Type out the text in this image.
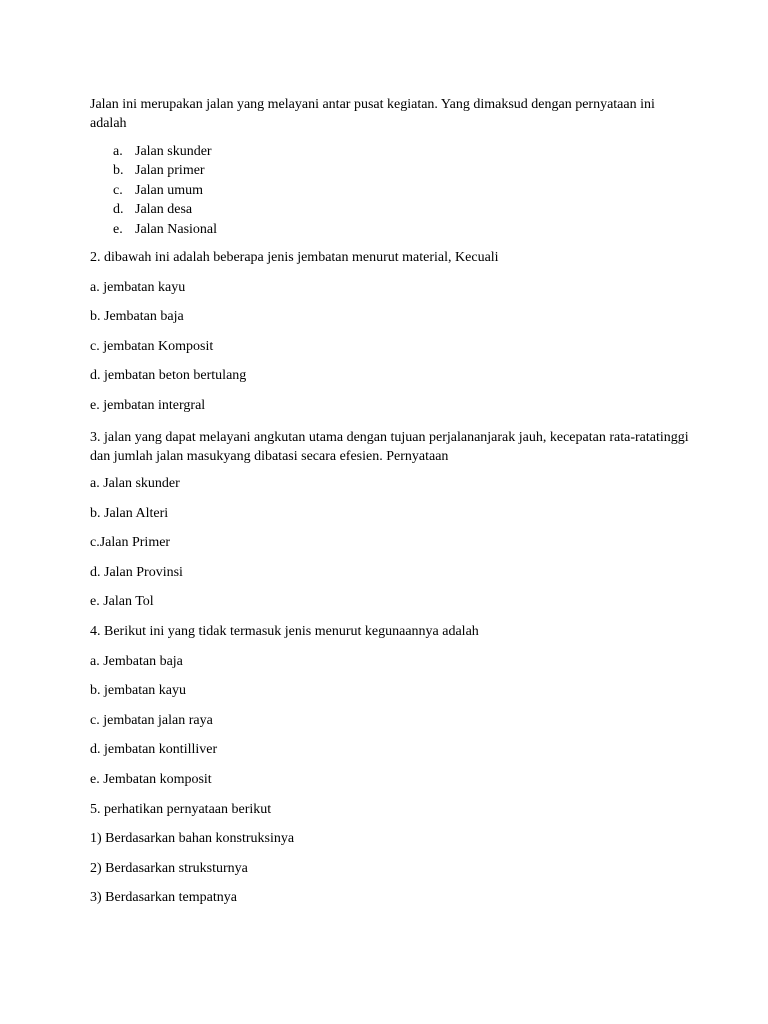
Jalan ini merupakan jalan yang melayani antar pusat kegiatan. Yang dimaksud dengan pernyataan ini adalah
a. Jalan skunder
b. Jalan primer
c. Jalan umum
d. Jalan desa
e. Jalan Nasional
2. dibawah ini adalah beberapa jenis jembatan menurut material, Kecuali
a. jembatan kayu
b. Jembatan baja
c. jembatan Komposit
d. jembatan beton bertulang
e. jembatan intergral
3. jalan yang dapat melayani angkutan utama dengan tujuan perjalananjarak jauh, kecepatan rata-ratatinggi dan jumlah jalan masukyang dibatasi secara efesien. Pernyataan
a. Jalan skunder
b. Jalan Alteri
c.Jalan Primer
d. Jalan Provinsi
e. Jalan Tol
4. Berikut ini yang tidak termasuk jenis menurut kegunaannya adalah
a. Jembatan baja
b. jembatan kayu
c. jembatan jalan raya
d. jembatan kontilliver
e. Jembatan komposit
5. perhatikan pernyataan berikut
1) Berdasarkan bahan konstruksinya
2) Berdasarkan struksturnya
3) Berdasarkan tempatnya
